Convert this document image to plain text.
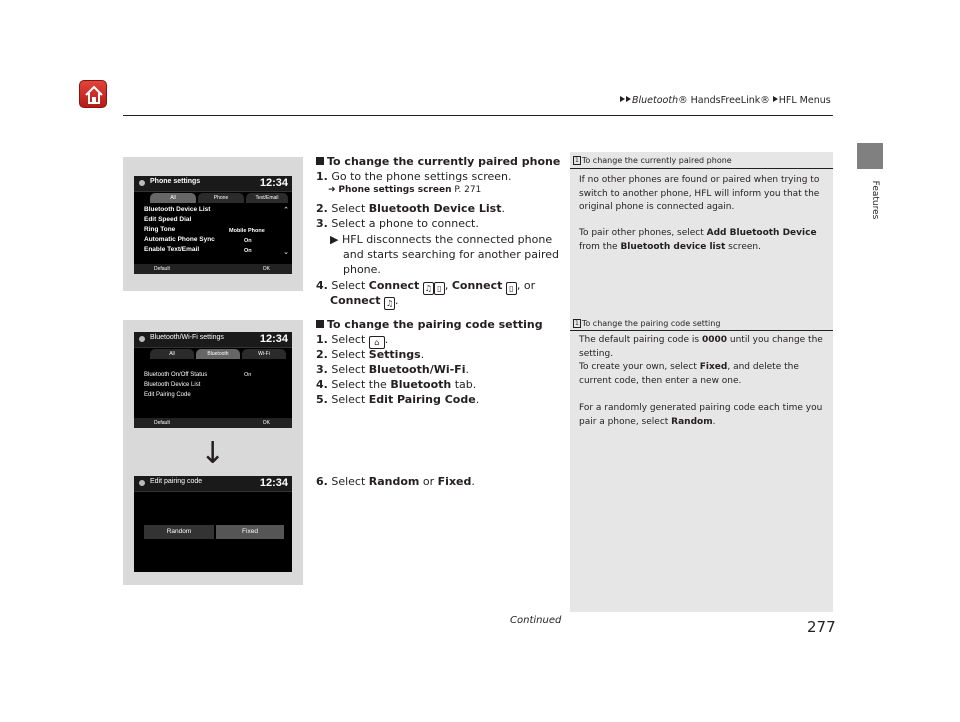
Bluetooth® HandsFreeLink® HFL Menus
Features
Phone settings	12:34
All	Phone	Text/Email
Bluetooth Device List
Edit Speed Dial
Ring Tone	Mobile Phone
Automatic Phone Sync	On
Enable Text/Email	On
⌃
⌄
Default	OK
Bluetooth/Wi-Fi settings	12:34
All	Bluetooth	Wi-Fi
Bluetooth On/Off Status	On
Bluetooth Device List
Edit Pairing Code
Default	OK
Edit pairing code	12:34
Random	Fixed
↓
To change the currently paired phone
1. Go to the phone settings screen.
➜ Phone settings screen P. 271
2. Select Bluetooth Device List.
3. Select a phone to connect.
▶ HFL disconnects the connected phone
and starts searching for another paired
phone.
4. Select Connect ♫ ▯ , Connect ▯ , or
Connect ♫ .
To change the pairing code setting
1. Select ⌂ .
2. Select Settings.
3. Select Bluetooth/Wi-Fi.
4. Select the Bluetooth tab.
5. Select Edit Pairing Code.
6. Select Random or Fixed.
1 To change the currently paired phone
If no other phones are found or paired when trying to switch to another phone, HFL will inform you that the original phone is connected again.
To pair other phones, select Add Bluetooth Device from the Bluetooth device list screen.
1 To change the pairing code setting
The default pairing code is 0000 until you change the setting.
To create your own, select Fixed, and delete the current code, then enter a new one.
For a randomly generated pairing code each time you pair a phone, select Random.
Continued	277
